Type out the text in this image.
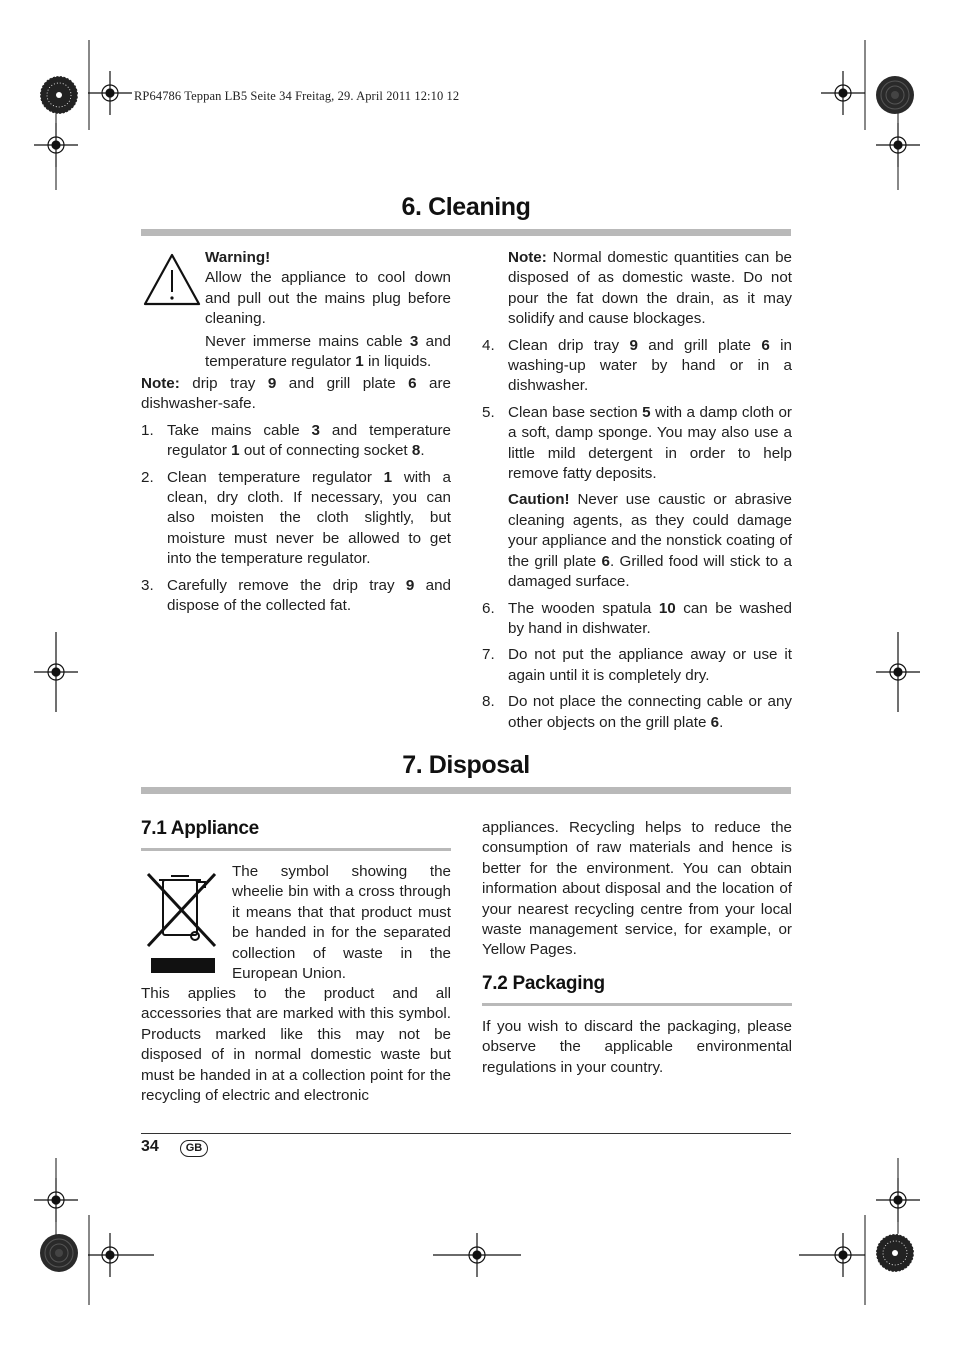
RP64786 Teppan LB5 Seite 34 Freitag, 29. April 2011 12:10 12
6. Cleaning

Warning!

Allow the appliance to cool down and pull out the mains plug before cleaning.

Never immerse mains cable 3 and temperature regulator 1 in liquids.

Note: drip tray 9 and grill plate 6 are dishwasher-safe.

1. Take mains cable 3 and temperature regulator 1 out of connecting socket 8.
2. Clean temperature regulator 1 with a clean, dry cloth. If necessary, you can also moisten the cloth slightly, but moisture must never be allowed to get into the temperature regulator.
3. Carefully remove the drip tray 9 and dispose of the collected fat.

Note: Normal domestic quantities can be disposed of as domestic waste. Do not pour the fat down the drain, as it may solidify and cause blockages.

4. Clean drip tray 9 and grill plate 6 in washing-up water by hand or in a dishwasher.
5. Clean base section 5 with a damp cloth or a soft, damp sponge. You may also use a little mild detergent in order to help remove fatty deposits.

Caution! Never use caustic or abrasive cleaning agents, as they could damage your appliance and the nonstick coating of the grill plate 6. Grilled food will stick to a damaged surface.

6. The wooden spatula 10 can be washed by hand in dishwater.
7. Do not put the appliance away or use it again until it is completely dry.
8. Do not place the connecting cable or any other objects on the grill plate 6.
7. Disposal
7.1 Appliance
The symbol showing the wheelie bin with a cross through it means that that product must be handed in for the separated collection of waste in the European Union.
This applies to the product and all accessories that are marked with this symbol. Products marked like this may not be disposed of in normal domestic waste but must be handed in at a collection point for the recycling of electric and electronic
appliances. Recycling helps to reduce the consumption of raw materials and hence is better for the environment. You can obtain information about disposal and the location of your nearest recycling centre from your local waste management service, for example, or Yellow Pages.
7.2 Packaging
If you wish to discard the packaging, please observe the applicable environmental regulations in your country.
34	GB
